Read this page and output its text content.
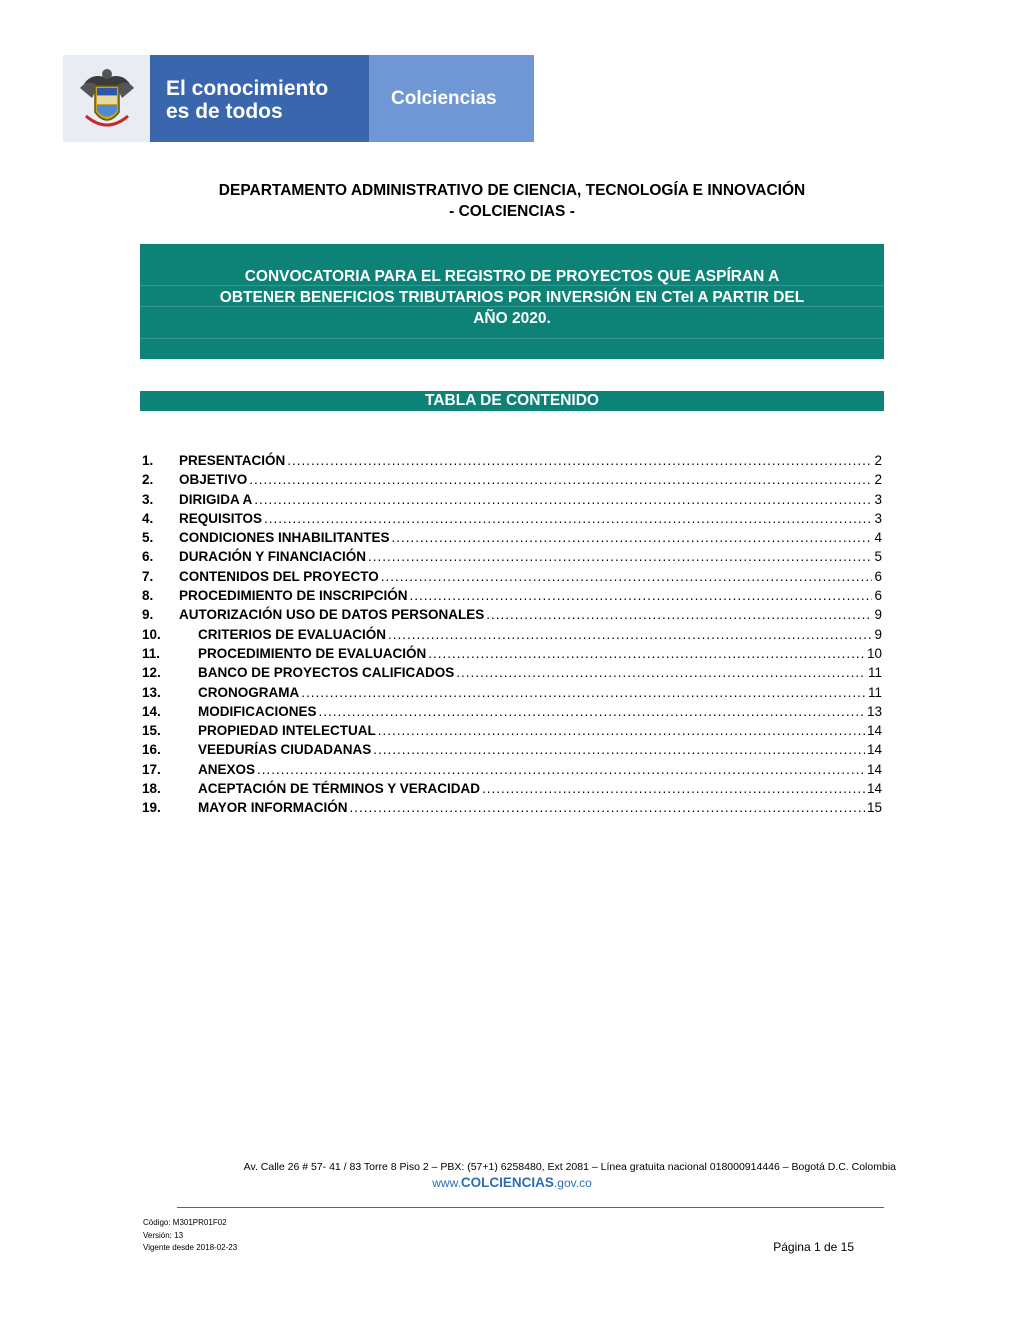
El conocimiento
es de todos
Colciencias
DEPARTAMENTO ADMINISTRATIVO DE CIENCIA, TECNOLOGÍA E INNOVACIÓN
- COLCIENCIAS -
CONVOCATORIA PARA EL REGISTRO DE PROYECTOS QUE ASPÍRAN A
OBTENER BENEFICIOS TRIBUTARIOS POR INVERSIÓN EN CTeI A PARTIR DEL
AÑO 2020.
TABLA DE CONTENIDO
1.	PRESENTACIÓN .....	2
2.	OBJETIVO .....	2
3.	DIRIGIDA A .....	3
4.	REQUISITOS .....	3
5.	CONDICIONES INHABILITANTES .....	4
6.	DURACIÓN Y FINANCIACIÓN .....	5
7.	CONTENIDOS DEL PROYECTO .....	6
8.	PROCEDIMIENTO DE INSCRIPCIÓN .....	6
9.	AUTORIZACIÓN USO DE DATOS PERSONALES .....	9
10.	CRITERIOS DE EVALUACIÓN .....	9
11.	PROCEDIMIENTO DE EVALUACIÓN .....	10
12.	BANCO DE PROYECTOS CALIFICADOS .....	11
13.	CRONOGRAMA .....	11
14.	MODIFICACIONES .....	13
15.	PROPIEDAD INTELECTUAL .....	14
16.	VEEDURÍAS CIUDADANAS .....	14
17.	ANEXOS .....	14
18.	ACEPTACIÓN DE TÉRMINOS Y VERACIDAD .....	14
19.	MAYOR INFORMACIÓN .....	15
Av. Calle 26 # 57- 41 / 83 Torre 8 Piso 2 – PBX: (57+1) 6258480, Ext 2081 – Línea gratuita nacional 018000914446 – Bogotá D.C. Colombia
www.COLCIENCIAS.gov.co
Código: M301PR01F02
Versión: 13
Vigente desde 2018-02-23	Página 1 de 15
